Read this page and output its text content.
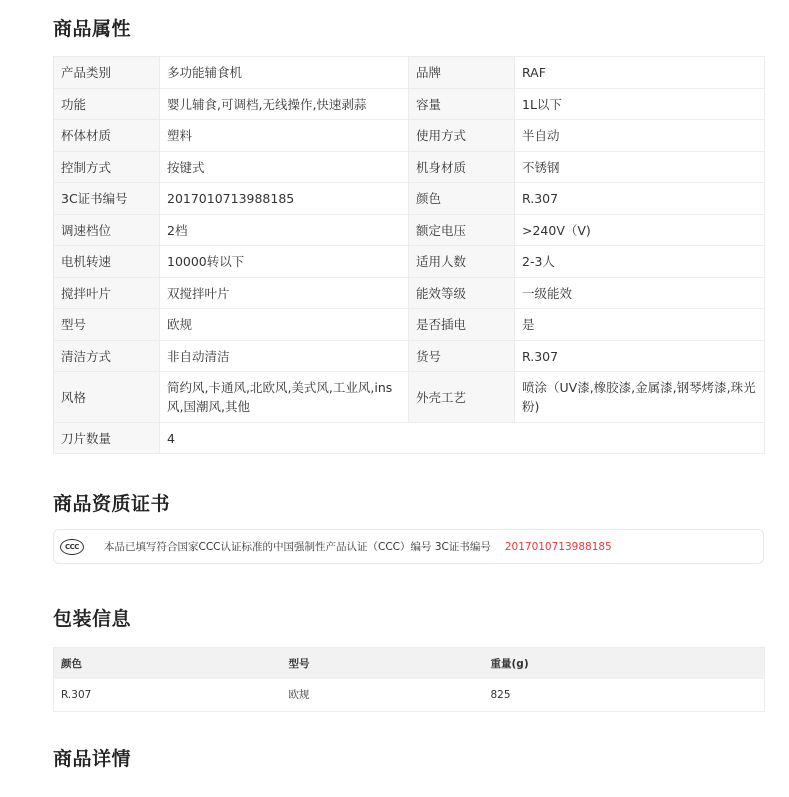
商品属性
产品类别	多功能辅食机	品牌	RAF
功能	婴儿辅食,可调档,无线操作,快速剥蒜	容量	1L以下
杯体材质	塑料	使用方式	半自动
控制方式	按键式	机身材质	不锈钢
3C证书编号	2017010713988185	颜色	R.307
调速档位	2档	额定电压	>240V（V)
电机转速	10000转以下	适用人数	2-3人
搅拌叶片	双搅拌叶片	能效等级	一级能效
型号	欧规	是否插电	是
清洁方式	非自动清洁	货号	R.307
风格	简约风,卡通风,北欧风,美式风,工业风,ins风,国潮风,其他	外壳工艺	喷涂（UV漆,橡胶漆,金属漆,钢琴烤漆,珠光粉)
刀片数量	4		
商品资质证书
CCC	本品已填写符合国家CCC认证标准的中国强制性产品认证（CCC）编号 3C证书编号 2017010713988185
包装信息
颜色	型号	重量(g)
R.307	欧规	825
商品详情
